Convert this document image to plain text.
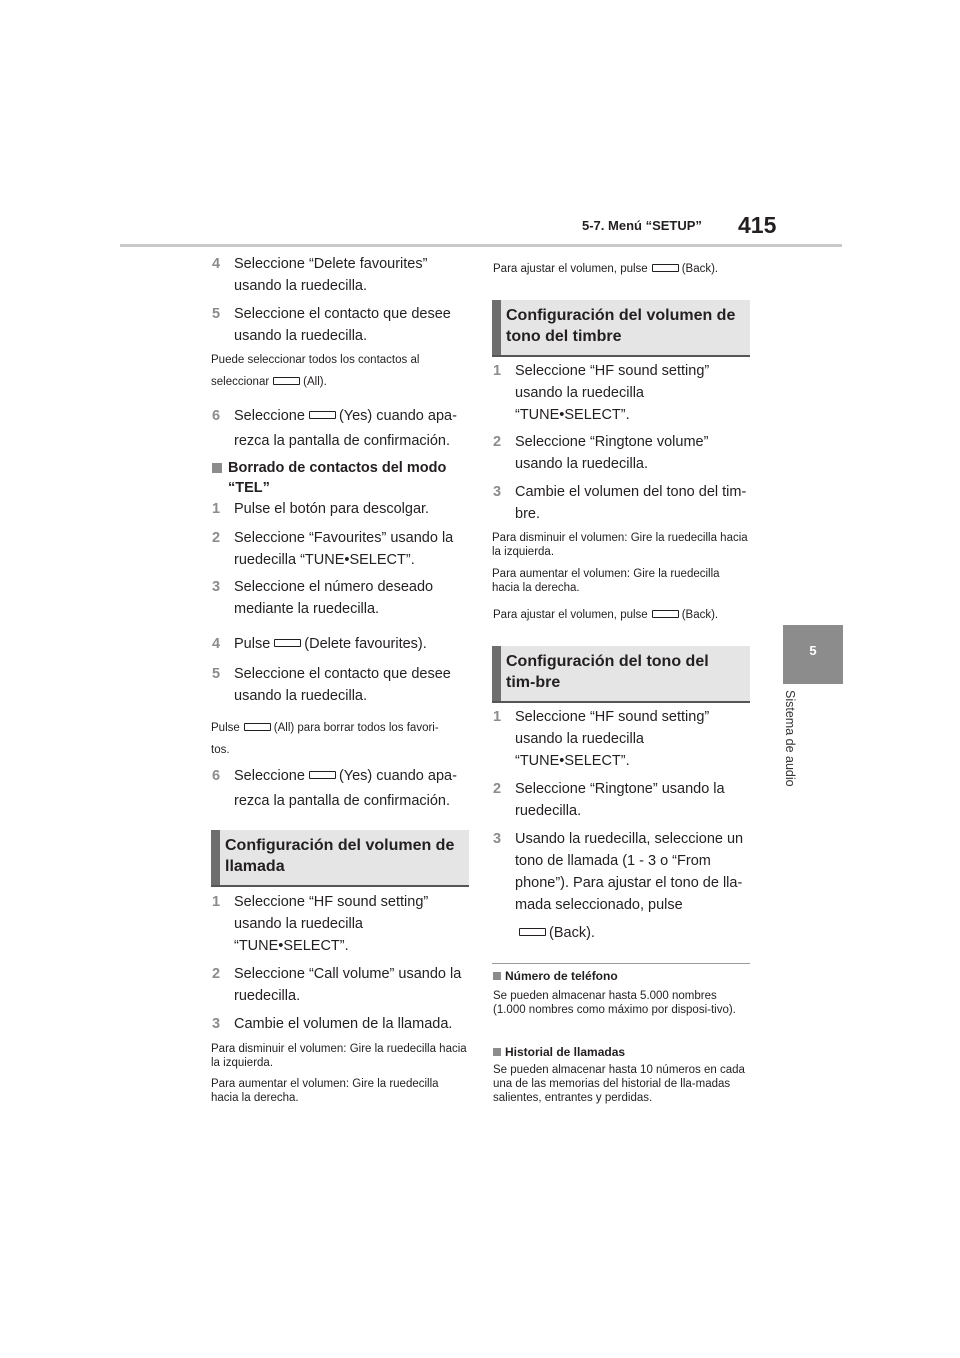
415
5-7. Menú “SETUP”
5
Sistema de audio
4 Seleccione “Delete favourites” usando la ruedecilla.
5 Seleccione el contacto que desee usando la ruedecilla.
Puede seleccionar todos los contactos al
seleccionar	(All).
6 Seleccione (Yes) cuando apa-
rezca la pantalla de confirmación.
Borrado de contactos del modo “TEL”
1 Pulse el botón para descolgar.
2 Seleccione “Favourites” usando la ruedecilla “TUNE•SELECT”.
3 Seleccione el número deseado mediante la ruedecilla.
4 Pulse (Delete favourites).
5 Seleccione el contacto que desee usando la ruedecilla.
Pulse	(All) para borrar todos los favori-
tos.
6 Seleccione (Yes) cuando apa-
rezca la pantalla de confirmación.
Configuración del volumen de llamada
1 Seleccione “HF sound setting” usando la ruedecilla “TUNE•SELECT”.
2 Seleccione “Call volume” usando la ruedecilla.
3 Cambie el volumen de la llamada.
Para disminuir el volumen: Gire la ruedecilla hacia la izquierda.
Para aumentar el volumen: Gire la ruedecilla hacia la derecha.
Para ajustar el volumen, pulse	(Back).
Configuración del volumen de tono del timbre
1 Seleccione “HF sound setting” usando la ruedecilla “TUNE•SELECT”.
2 Seleccione “Ringtone volume” usando la ruedecilla.
3 Cambie el volumen del tono del tim-bre.
Para disminuir el volumen: Gire la ruedecilla hacia la izquierda.
Para aumentar el volumen: Gire la ruedecilla hacia la derecha.
Para ajustar el volumen, pulse	(Back).
Configuración del tono del tim-bre
1 Seleccione “HF sound setting” usando la ruedecilla “TUNE•SELECT”.
2 Seleccione “Ringtone” usando la ruedecilla.
3 Usando la ruedecilla, seleccione un tono de llamada (1 - 3 o “From phone”). Para ajustar el tono de lla-mada seleccionado, pulse
(Back).
Número de teléfono
Se pueden almacenar hasta 5.000 nombres (1.000 nombres como máximo por disposi-tivo).
Historial de llamadas
Se pueden almacenar hasta 10 números en cada una de las memorias del historial de lla-madas salientes, entrantes y perdidas.
